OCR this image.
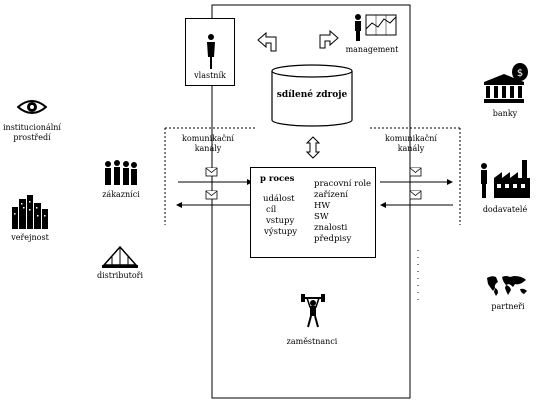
vlastník
management
sdílené zdroje
komunikační
kanály
komunikační
kanály
p roces
událost
cíl
vstupy
výstupy
pracovní role
zařízení
HW
SW
znalosti
předpisy
zaměstnanci
institucionální
prostředí
veřejnost
zákazníci
distributoři
$
banky
dodavatelé
partneři
